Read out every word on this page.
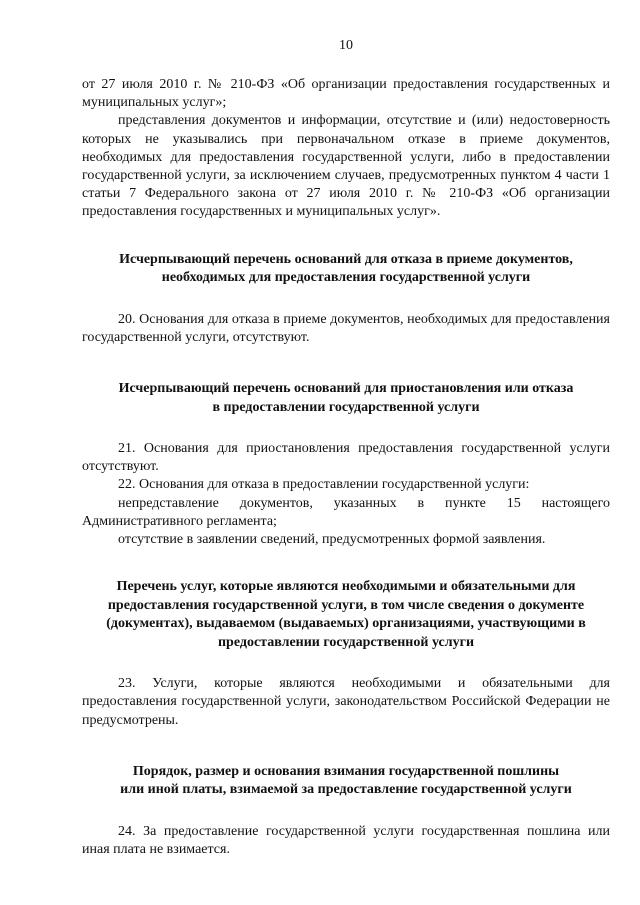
10

от 27 июля 2010 г. № 210-ФЗ «Об организации предоставления государственных и муниципальных услуг»;

представления документов и информации, отсутствие и (или) недостоверность которых не указывались при первоначальном отказе в приеме документов, необходимых для предоставления государственной услуги, либо в предоставлении государственной услуги, за исключением случаев, предусмотренных пунктом 4 части 1 статьи 7 Федерального закона от 27 июля 2010 г. № 210-ФЗ «Об организации предоставления государственных и муниципальных услуг».

Исчерпывающий перечень оснований для отказа в приеме документов,
необходимых для предоставления государственной услуги

20. Основания для отказа в приеме документов, необходимых для предоставления государственной услуги, отсутствуют.

Исчерпывающий перечень оснований для приостановления или отказа
в предоставлении государственной услуги

21. Основания для приостановления предоставления государственной услуги отсутствуют.

22. Основания для отказа в предоставлении государственной услуги:

непредставление документов, указанных в пункте 15 настоящего Административного регламента;

отсутствие в заявлении сведений, предусмотренных формой заявления.

Перечень услуг, которые являются необходимыми и обязательными для
предоставления государственной услуги, в том числе сведения о документе
(документах), выдаваемом (выдаваемых) организациями, участвующими в
предоставлении государственной услуги

23. Услуги, которые являются необходимыми и обязательными для предоставления государственной услуги, законодательством Российской Федерации не предусмотрены.

Порядок, размер и основания взимания государственной пошлины
или иной платы, взимаемой за предоставление государственной услуги

24. За предоставление государственной услуги государственная пошлина или иная плата не взимается.
